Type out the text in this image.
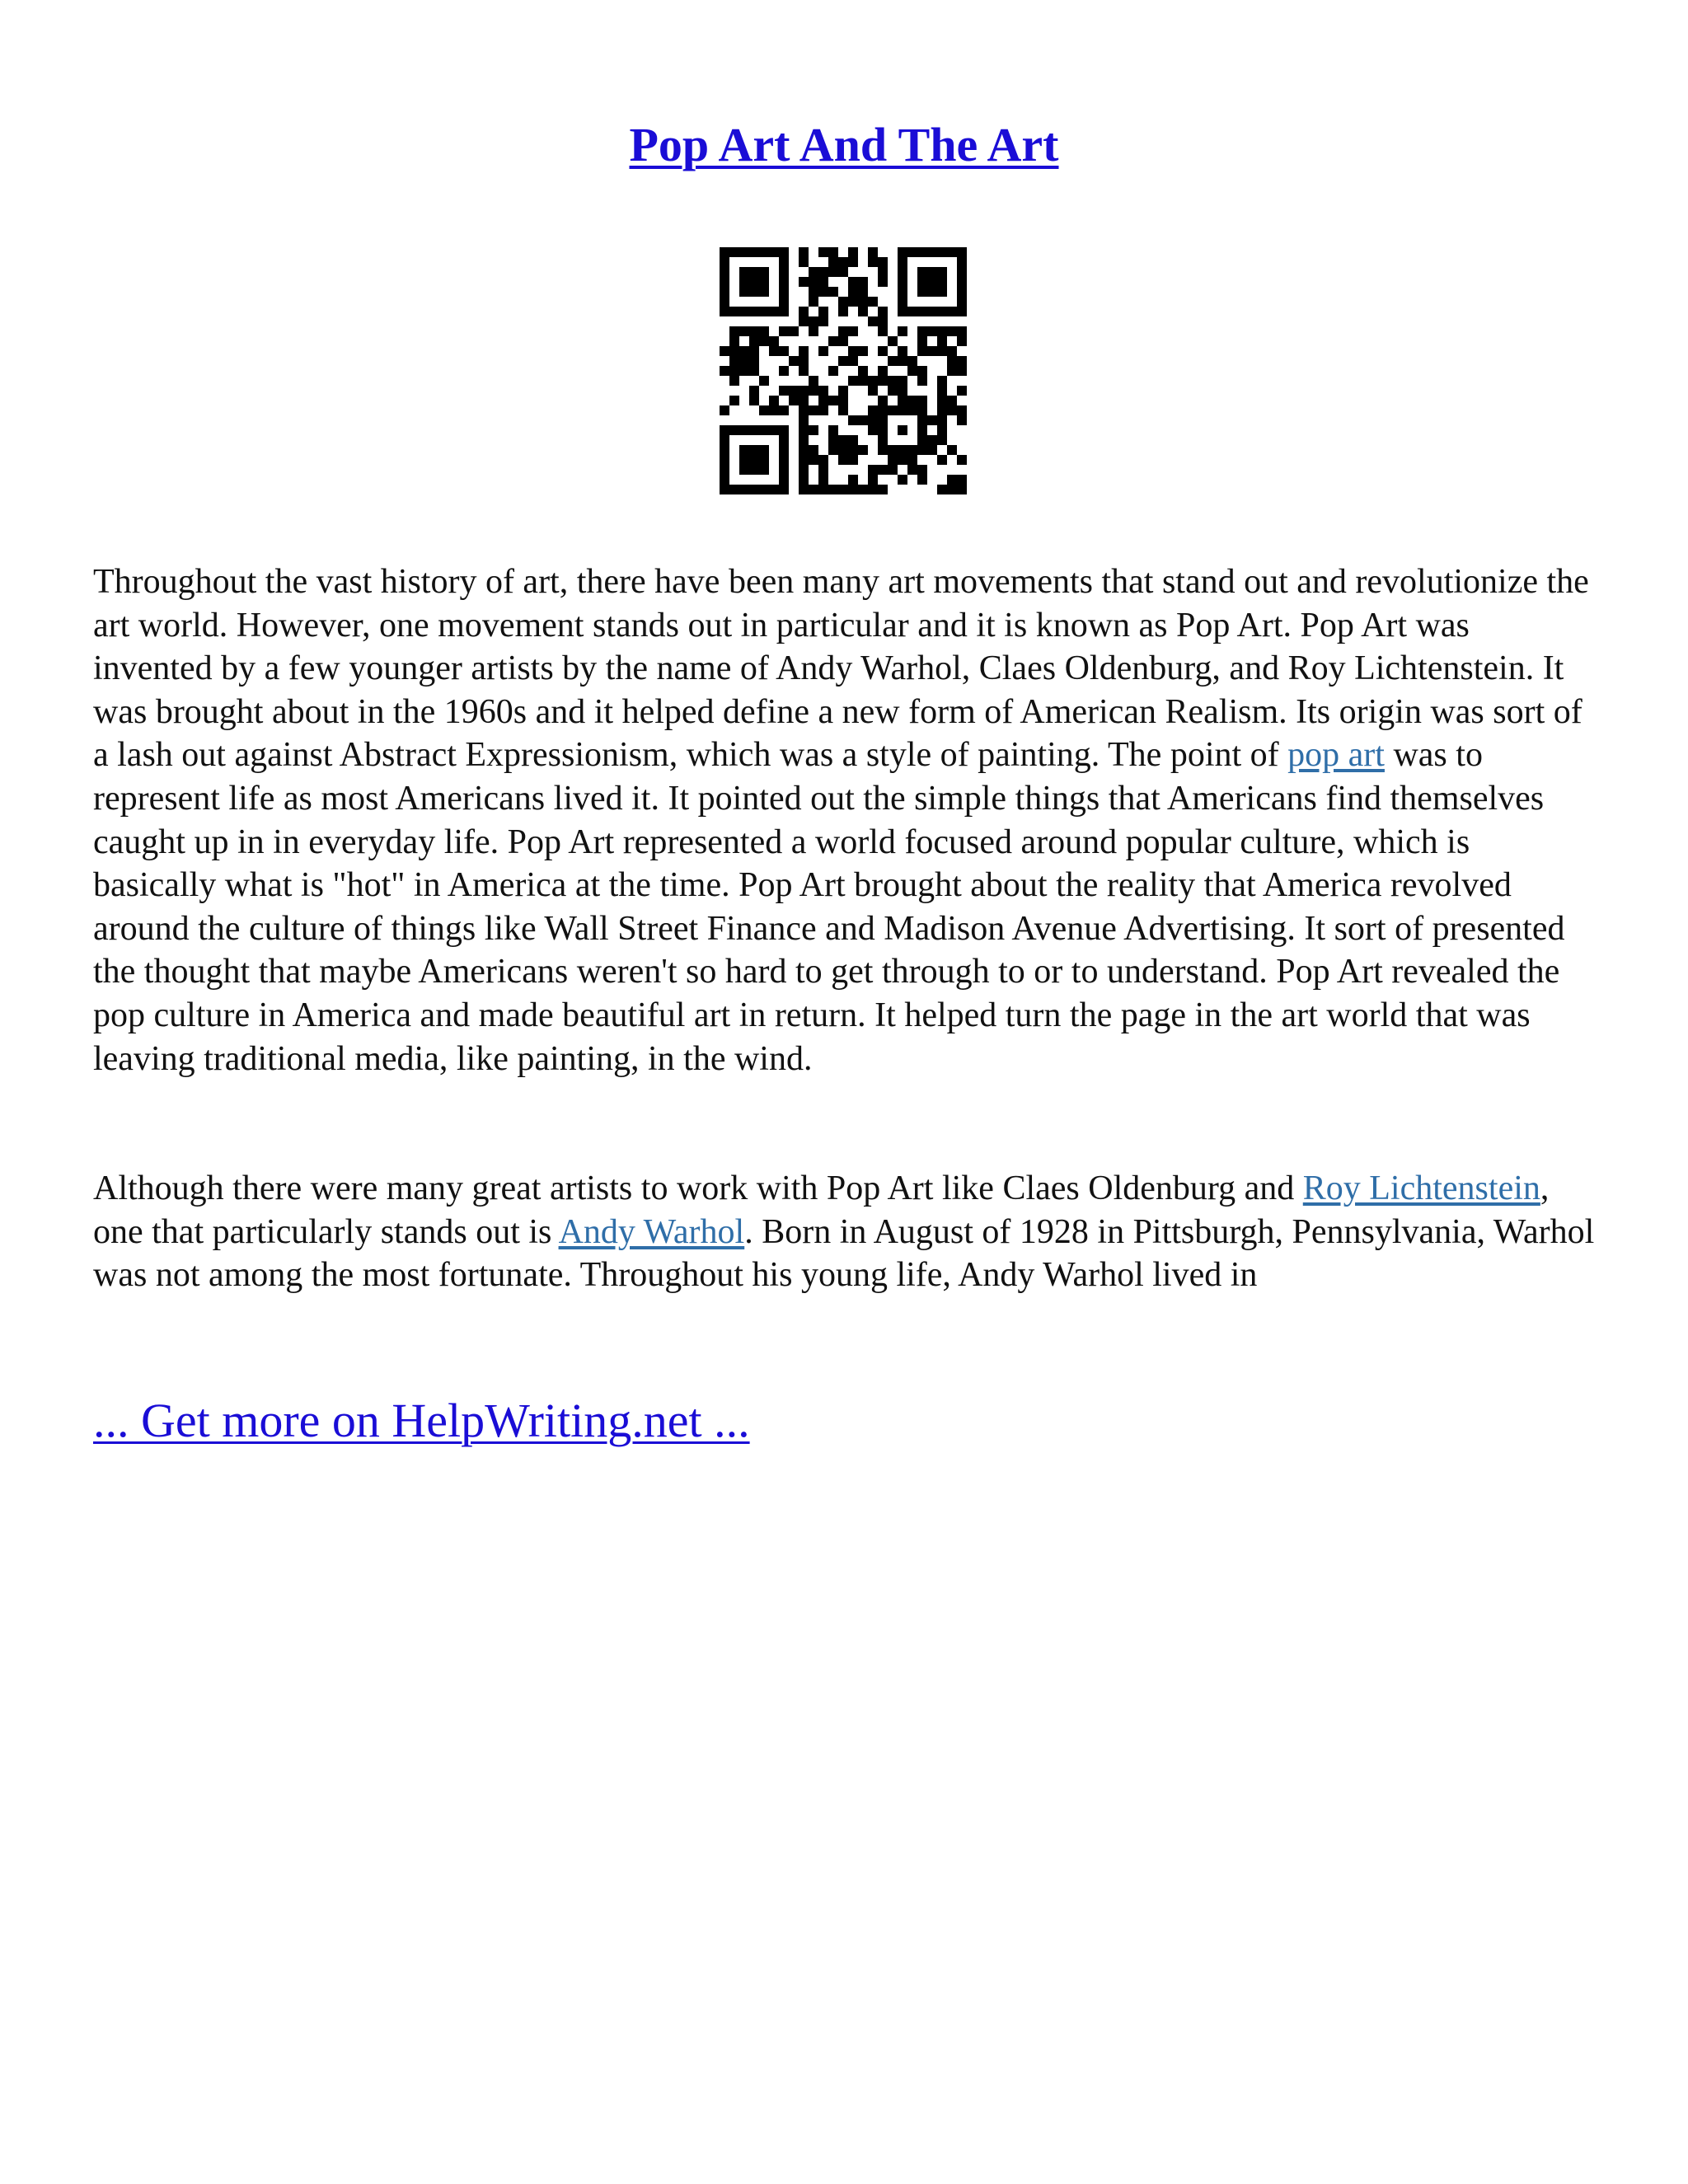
Pop Art And The Art

Throughout the vast history of art, there have been many art movements that stand out and revolutionize the art world. However, one movement stands out in particular and it is known as Pop Art. Pop Art was invented by a few younger artists by the name of Andy Warhol, Claes Oldenburg, and Roy Lichtenstein. It was brought about in the 1960s and it helped define a new form of American Realism. Its origin was sort of a lash out against Abstract Expressionism, which was a style of painting. The point of pop art was to represent life as most Americans lived it. It pointed out the simple things that Americans find themselves caught up in in everyday life. Pop Art represented a world focused around popular culture, which is basically what is "hot" in America at the time. Pop Art brought about the reality that America revolved around the culture of things like Wall Street Finance and Madison Avenue Advertising. It sort of presented the thought that maybe Americans weren't so hard to get through to or to understand. Pop Art revealed the pop culture in America and made beautiful art in return. It helped turn the page in the art world that was leaving traditional media, like painting, in the wind.

Although there were many great artists to work with Pop Art like Claes Oldenburg and Roy Lichtenstein, one that particularly stands out is Andy Warhol. Born in August of 1928 in Pittsburgh, Pennsylvania, Warhol was not among the most fortunate. Throughout his young life, Andy Warhol lived in

... Get more on HelpWriting.net ...
